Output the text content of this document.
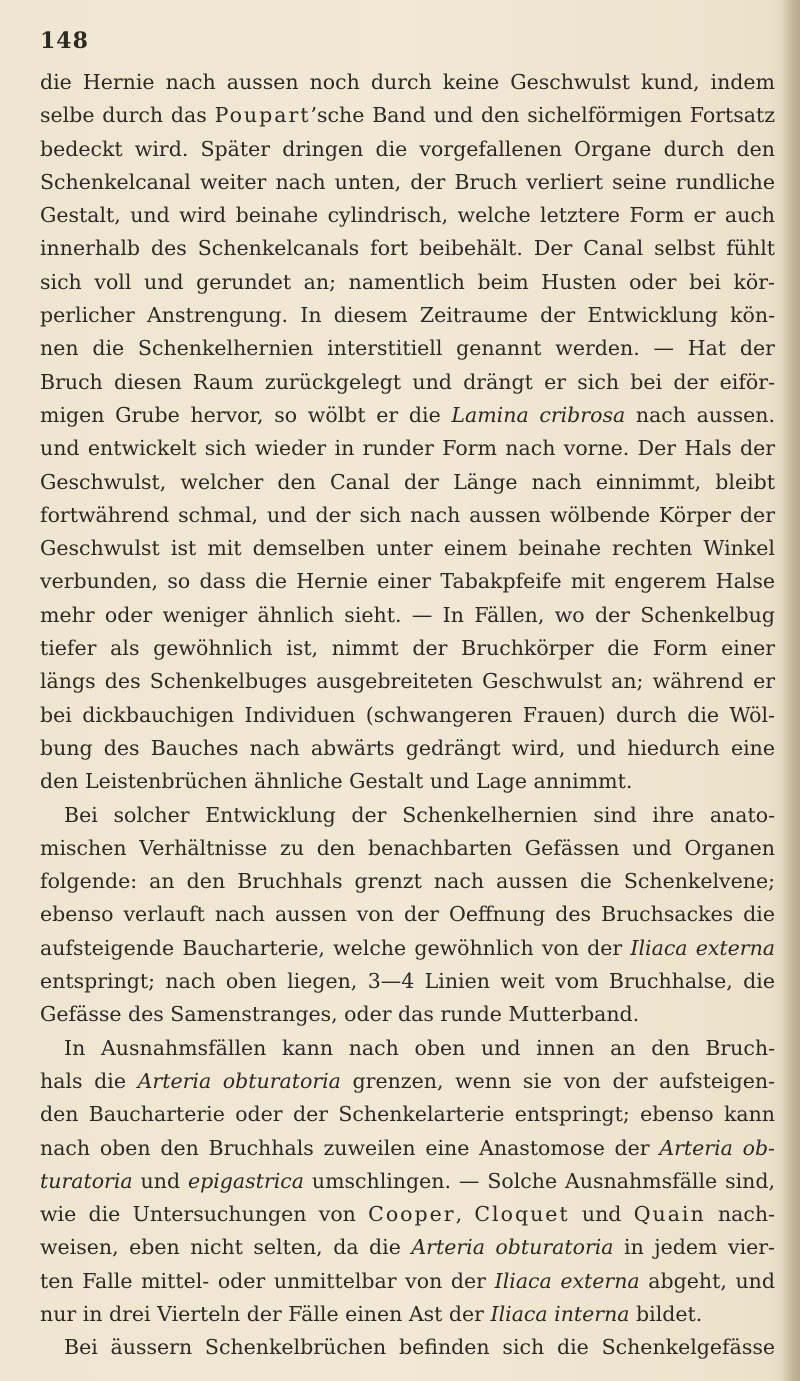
148
die Hernie nach aussen noch durch keine Geschwulst kund, indem
selbe durch das Poupart’sche Band und den sichelförmigen Fortsatz
bedeckt wird. Später dringen die vorgefallenen Organe durch den
Schenkelcanal weiter nach unten, der Bruch verliert seine rundliche
Gestalt, und wird beinahe cylindrisch, welche letztere Form er auch
innerhalb des Schenkelcanals fort beibehält. Der Canal selbst fühlt
sich voll und gerundet an; namentlich beim Husten oder bei kör-
perlicher Anstrengung. In diesem Zeitraume der Entwicklung kön-
nen die Schenkelhernien interstitiell genannt werden. — Hat der
Bruch diesen Raum zurückgelegt und drängt er sich bei der eiför-
migen Grube hervor, so wölbt er die Lamina cribrosa nach aussen.
und entwickelt sich wieder in runder Form nach vorne. Der Hals der
Geschwulst, welcher den Canal der Länge nach einnimmt, bleibt
fortwährend schmal, und der sich nach aussen wölbende Körper der
Geschwulst ist mit demselben unter einem beinahe rechten Winkel
verbunden, so dass die Hernie einer Tabakpfeife mit engerem Halse
mehr oder weniger ähnlich sieht. — In Fällen, wo der Schenkelbug
tiefer als gewöhnlich ist, nimmt der Bruchkörper die Form einer
längs des Schenkelbuges ausgebreiteten Geschwulst an; während er
bei dickbauchigen Individuen (schwangeren Frauen) durch die Wöl-
bung des Bauches nach abwärts gedrängt wird, und hiedurch eine
den Leistenbrüchen ähnliche Gestalt und Lage annimmt.
Bei solcher Entwicklung der Schenkelhernien sind ihre anato-
mischen Verhältnisse zu den benachbarten Gefässen und Organen
folgende: an den Bruchhals grenzt nach aussen die Schenkelvene;
ebenso verlauft nach aussen von der Oeffnung des Bruchsackes die
aufsteigende Baucharterie, welche gewöhnlich von der Iliaca externa
entspringt; nach oben liegen, 3—4 Linien weit vom Bruchhalse, die
Gefässe des Samenstranges, oder das runde Mutterband.
In Ausnahmsfällen kann nach oben und innen an den Bruch-
hals die Arteria obturatoria grenzen, wenn sie von der aufsteigen-
den Baucharterie oder der Schenkelarterie entspringt; ebenso kann
nach oben den Bruchhals zuweilen eine Anastomose der Arteria ob-
turatoria und epigastrica umschlingen. — Solche Ausnahmsfälle sind,
wie die Untersuchungen von Cooper, Cloquet und Quain nach-
weisen, eben nicht selten, da die Arteria obturatoria in jedem vier-
ten Falle mittel- oder unmittelbar von der Iliaca externa abgeht, und
nur in drei Vierteln der Fälle einen Ast der Iliaca interna bildet.
Bei äussern Schenkelbrüchen befinden sich die Schenkelgefässe
